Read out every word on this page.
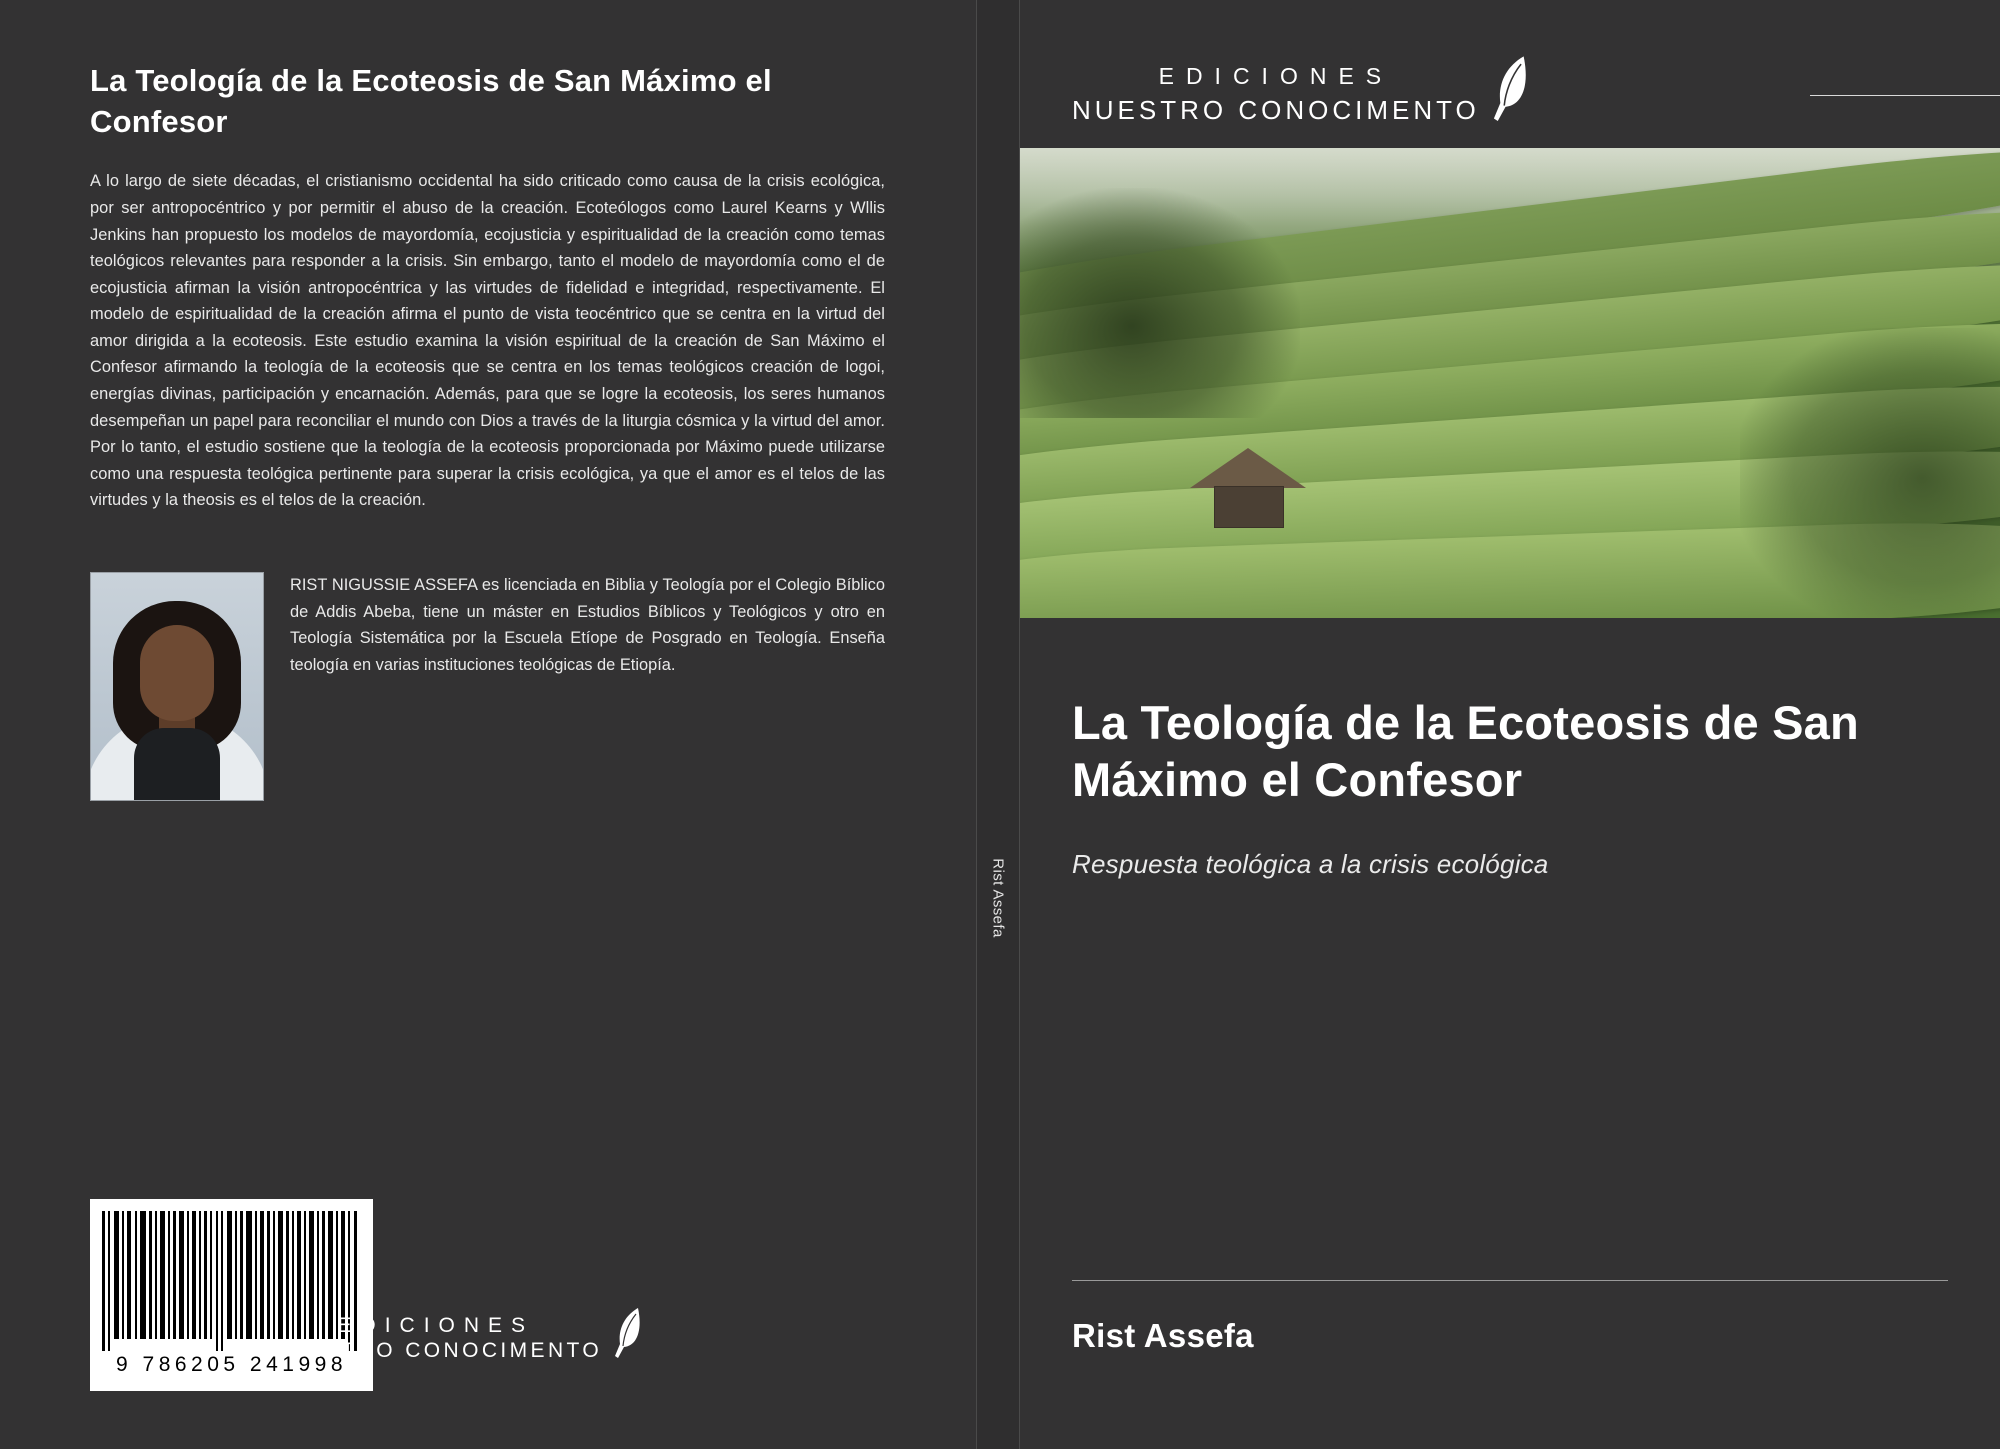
La Teología de la Ecoteosis de San Máximo el Confesor
A lo largo de siete décadas, el cristianismo occidental ha sido criticado como causa de la crisis ecológica, por ser antropocéntrico y por permitir el abuso de la creación. Ecoteólogos como Laurel Kearns y Wllis Jenkins han propuesto los modelos de mayordomía, ecojusticia y espiritualidad de la creación como temas teológicos relevantes para responder a la crisis. Sin embargo, tanto el modelo de mayordomía como el de ecojusticia afirman la visión antropocéntrica y las virtudes de fidelidad e integridad, respectivamente. El modelo de espiritualidad de la creación afirma el punto de vista teocéntrico que se centra en la virtud del amor dirigida a la ecoteosis. Este estudio examina la visión espiritual de la creación de San Máximo el Confesor afirmando la teología de la ecoteosis que se centra en los temas teológicos creación de logoi, energías divinas, participación y encarnación. Además, para que se logre la ecoteosis, los seres humanos desempeñan un papel para reconciliar el mundo con Dios a través de la liturgia cósmica y la virtud del amor. Por lo tanto, el estudio sostiene que la teología de la ecoteosis proporcionada por Máximo puede utilizarse como una respuesta teológica pertinente para superar la crisis ecológica, ya que el amor es el telos de las virtudes y la theosis es el telos de la creación.
RIST NIGUSSIE ASSEFA es licenciada en Biblia y Teología por el Colegio Bíblico de Addis Abeba, tiene un máster en Estudios Bíblicos y Teológicos y otro en Teología Sistemática por la Escuela Etíope de Posgrado en Teología. Enseña teología en varias instituciones teológicas de Etiopía.
9 786205 241998
EDICIONES
NUESTRO CONOCIMENTO
Rist Assefa
EDICIONES
NUESTRO CONOCIMENTO
La Teología de la Ecoteosis de San Máximo el Confesor
Respuesta teológica a la crisis ecológica
Rist Assefa
